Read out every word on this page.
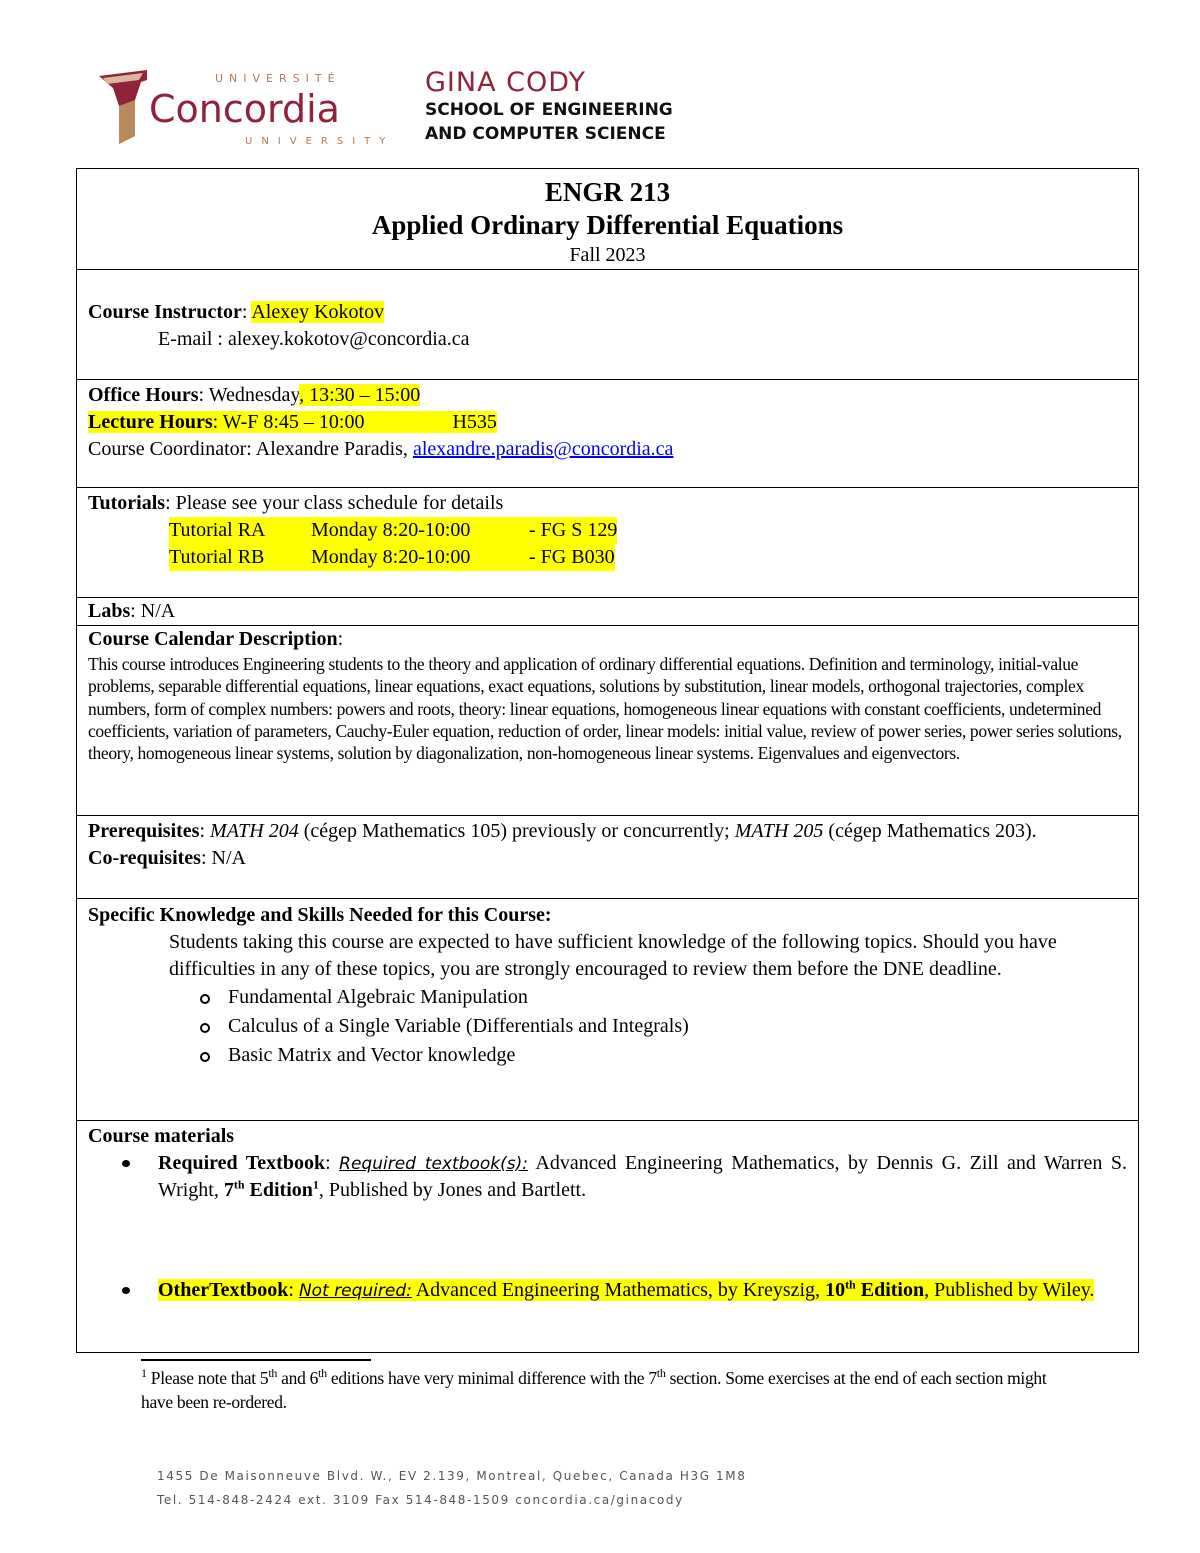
UNIVERSITÉ
Concordia
UNIVERSITY
GINA CODY
SCHOOL OF ENGINEERING
AND COMPUTER SCIENCE
ENGR 213
Applied Ordinary Differential Equations
Fall 2023
Course Instructor: Alexey Kokotov
E-mail : alexey.kokotov@concordia.ca
Office Hours: Wednesday, 13:30 – 15:00
Lecture Hours: W-F 8:45 – 10:00	H535
Course Coordinator: Alexandre Paradis, alexandre.paradis@concordia.ca
Tutorials: Please see your class schedule for details
Tutorial RA Monday 8:20-10:00	- FG S 129
Tutorial RB Monday 8:20-10:00	- FG B030
Labs: N/A
Course Calendar Description:
This course introduces Engineering students to the theory and application of ordinary differential equations. Definition and terminology, initial-value problems, separable differential equations, linear equations, exact equations, solutions by substitution, linear models, orthogonal trajectories, complex numbers, form of complex numbers: powers and roots, theory: linear equations, homogeneous linear equations with constant coefficients, undetermined coefficients, variation of parameters, Cauchy-Euler equation, reduction of order, linear models: initial value, review of power series, power series solutions, theory, homogeneous linear systems, solution by diagonalization, non-homogeneous linear systems. Eigenvalues and eigenvectors.
Prerequisites: MATH 204 (cégep Mathematics 105) previously or concurrently; MATH 205 (cégep Mathematics 203).
Co-requisites: N/A
Specific Knowledge and Skills Needed for this Course:
Students taking this course are expected to have sufficient knowledge of the following topics. Should you have difficulties in any of these topics, you are strongly encouraged to review them before the DNE deadline.
Fundamental Algebraic Manipulation
Calculus of a Single Variable (Differentials and Integrals)
Basic Matrix and Vector knowledge
Course materials
Required Textbook: Required textbook(s): Advanced Engineering Mathematics, by Dennis G. Zill and Warren S. Wright, 7th Edition$^1$, Published by Jones and Bartlett.
OtherTextbook: Not required: Advanced Engineering Mathematics, by Kreyszig, 10th Edition, Published by Wiley.
$^1$ Please note that 5th and 6th editions have very minimal difference with the 7th section. Some exercises at the end of each section might have been re-ordered.
1455 De Maisonneuve Blvd. W., EV 2.139, Montreal, Quebec, Canada H3G 1M8
Tel. 514-848-2424 ext. 3109 Fax 514-848-1509 concordia.ca/ginacody
